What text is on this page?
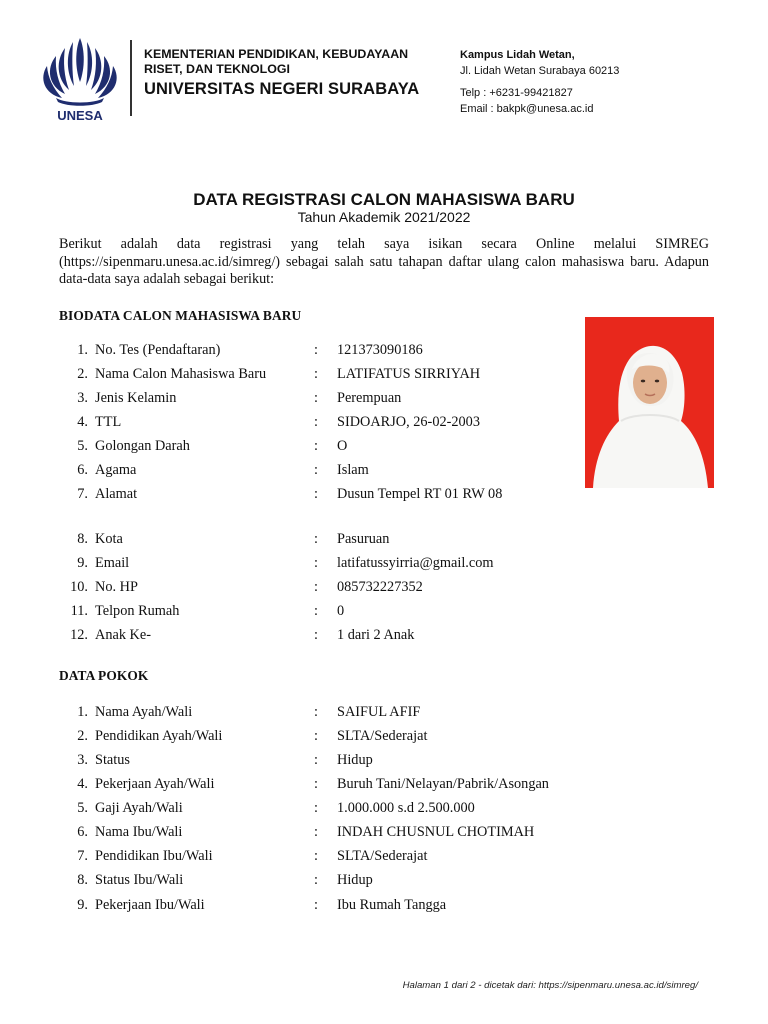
UNESA
KEMENTERIAN PENDIDIKAN, KEBUDAYAAN RISET, DAN TEKNOLOGI
UNIVERSITAS NEGERI SURABAYA
Kampus Lidah Wetan,
Jl. Lidah Wetan Surabaya 60213
Telp : +6231-99421827
Email : bakpk@unesa.ac.id
DATA REGISTRASI CALON MAHASISWA BARU
Tahun Akademik 2021/2022
Berikut adalah data registrasi yang telah saya isikan secara Online melalui SIMREG (https://sipenmaru.unesa.ac.id/simreg/) sebagai salah satu tahapan daftar ulang calon mahasiswa baru. Adapun data-data saya adalah sebagai berikut:
BIODATA CALON MAHASISWA BARU
1. No. Tes (Pendaftaran)	: 121373090186
2. Nama Calon Mahasiswa Baru	: LATIFATUS SIRRIYAH
3. Jenis Kelamin	: Perempuan
4. TTL	: SIDOARJO, 26-02-2003
5. Golongan Darah	: O
6. Agama	: Islam
7. Alamat	: Dusun Tempel RT 01 RW 08
8. Kota	: Pasuruan
9. Email	: latifatussyirria@gmail.com
10. No. HP	: 085732227352
11. Telpon Rumah	: 0
12. Anak Ke-	: 1 dari 2 Anak
DATA POKOK
1. Nama Ayah/Wali	: SAIFUL AFIF
2. Pendidikan Ayah/Wali	: SLTA/Sederajat
3. Status	: Hidup
4. Pekerjaan Ayah/Wali	: Buruh Tani/Nelayan/Pabrik/Asongan
5. Gaji Ayah/Wali	: 1.000.000 s.d 2.500.000
6. Nama Ibu/Wali	: INDAH CHUSNUL CHOTIMAH
7. Pendidikan Ibu/Wali	: SLTA/Sederajat
8. Status Ibu/Wali	: Hidup
9. Pekerjaan Ibu/Wali	: Ibu Rumah Tangga
Halaman 1 dari 2 - dicetak dari: https://sipenmaru.unesa.ac.id/simreg/
